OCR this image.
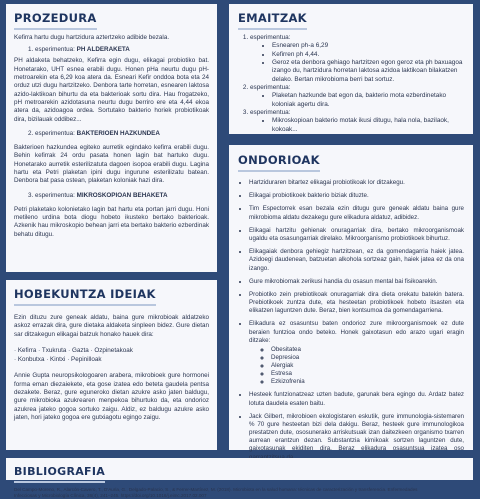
PROZEDURA
Kefirra hartu dugu hartzidura aztertzeko adibide bezala.
1. esperimentua: PH ALDERAKETA
PH aldaketa behatzeko, Kefirra egin dugu, elikagai probiotiko bat. Honetarako, UHT esnea erabili dugu. Honen pHa neurtu dugu pH-metroarekin eta 6,29 koa atera da. Esneari Kefir onddoa bota eta 24 orduz utzi dugu hartzitzeko. Denbora tarte horretan, esnearen laktosa azido-laktikoan bihurtu da eta bakterioak sortu dira. Hau frogatzeko, pH metroarekin azidotasuna neurtu dugu berriro ere eta 4,44 ekoa atera da, azidoagoa ordea. Sortutako bakterio horiek probiotikoak dira, bizilauak oddibez...
2. esperimentua: BAKTERIOEN HAZKUNDEA
Bakterioen hazkundea egiteko aurretik egindako kefirra erabili dugu. Behin kefirrak 24 ordu pasata honen lagin bat hartuko dugu. Honetarako aurretik esterilizatuta dagoen isopoa erabili dugu. Lagina hartu eta Petri plaketan ipini dugu ingurune esterilizatu batean. Denbora bat pasa ostean, plaketan koloniak hazi dira.
3. esperimentua: MIKROSKOPIOAN BEHAKETA
Petri plaketako kolonietako lagin bat hartu eta portan jarri dugu. Honi metileno urdina bota diogu hobeto ikusteko bertako bakterioak. Azkenik hau mikroskopio behean jarri eta bertako bakterio ezberdinak behatu ditugu.
EMAITZAK
1. esperimentua:
• Esnearen ph-a 6,29
• Kefirren ph 4,44.
• Geroz eta denbora gehiago hartzitzen egon geroz eta ph baxuagoa izango du, hartzidura horretan laktosa azidoa laktikoan bilakatzen delako. Bertan mikrobioma berri bat sortuz.
2. esperimentua:
• Plaketan hazkunde bat egon da, bakterio mota ezberdinetako koloniak agertu dira.
3. esperimentua:
• Mikroskopioan bakterio motak ikusi ditugu, hala nola, bazilaok, kokoak...
HOBEKUNTZA IDEIAK
Ezin dituzu zure geneak aldatu, baina gure mikrobioak aldatzeko askoz errazak dira, gure dietaka aldaketa sinpleen bidez. Gure dietan sar ditzakegun elikagai batzuk honako hauek dira:
· Kefirra · Txukruta · Gazta · Ozpinetakoak
· Konbutxa · Kintxi · Pepinilloak
Annie Gupta neuropsikologoaren arabera, mikrobioek gure hormonei forma eman diezaiekete, eta gose izatea edo betetа gaudela pentsa dezakete. Beraz, gure egunerоko dietan azukre asko jaten baldugu, gure mikrobioka azukreаren menpekoa bihurtuko da, eta ondorioz azukrea jateko gogoa sortuko zaigu. Aldiz, ez baldugu azukre asko jaten, hori jateko gogoa ere gutxiagotu egingo zaigu.
ONDORIOAK
• Hartzidurаren bitartez elikagai probiotikoak lor ditzakegu.
• Elikagai probiotikoek bakterio biziak dituzte.
• Tim Espectorrek esan bezala ezin ditugu gure geneak aldatu baina gure mikrobioma aldatu dezakegu gure elikadura aldatuz, adibidez.
• Elikagai hartzitu gehienak onuragarriak dira, bertako mikroorganismoak ugaldu eta osasungarriak direlako. Mikroorganismo probiotikoek bihurtuz.
• Elikagaiak denbora gehiegiz hartzitzean, ez da gomendagarria haiek jatea. Azidoegi daudenean, batzuetan alkohola sortzeaz gain, haiek jatea ez da ona izango.
• Gure mikrobiomak zerikusi handia du osasun mental bai fisikoarekin.
• Probiotiko zein prebiotikoak onuragarriak dira dieta orekatu batekin batera. Prebiotikoek zuntza dute, eta hesteetan probiotikoek hobeto itsasten eta elikatzen laguntzen dute. Beraz, bien kontsumoa da gomendagarriena.
• Elikadura ez osasuntsu baten ondorioz zure mikroorganismoek ez dute beraien funtzioa ondo beteko. Honek gaixotasun edo arazo ugari eragin ditzake:
◦ Obesitatea
◦ Depresioa
◦ Alergiak
◦ Estresa
◦ Ezkizofrenia
• Hesteek funtzionatzeaz uzten badute, garunak bera egingo du. Ardatz batez lotuta daudela esaten baitu.
• Jack Gilbert, mikrobioen ekologistaren eskutik, gure immunologia-sistemaren % 70 gure hesteetan bizi dela dakigu. Beraz, hesteek gure immunologikoa prestatzen dute, ososunerako arriskutsuak izan daitezkeen organismo txarren aurrean erantzun dezan. Substantzia kimikoak sortzen laguntzen dute, gaixotasunak ekiditen dira. Beraz elikadura osasuntsua izatea oso
BIBLIOGRAFIA
Del Campo-Moreno, R., Alarcón-Cavero, T., D'Auria, G., Delgado-Palacio, S., & Ferrer-Martínez, M. (2018). Microbiota en la salud humana: técnicas de caracterización y transferencia. Enfermedades
Infecciosas y Microbiología Clínica, 36(4), 241–245. https://doi.org/10.1016/j.eimc.2017.02.007
